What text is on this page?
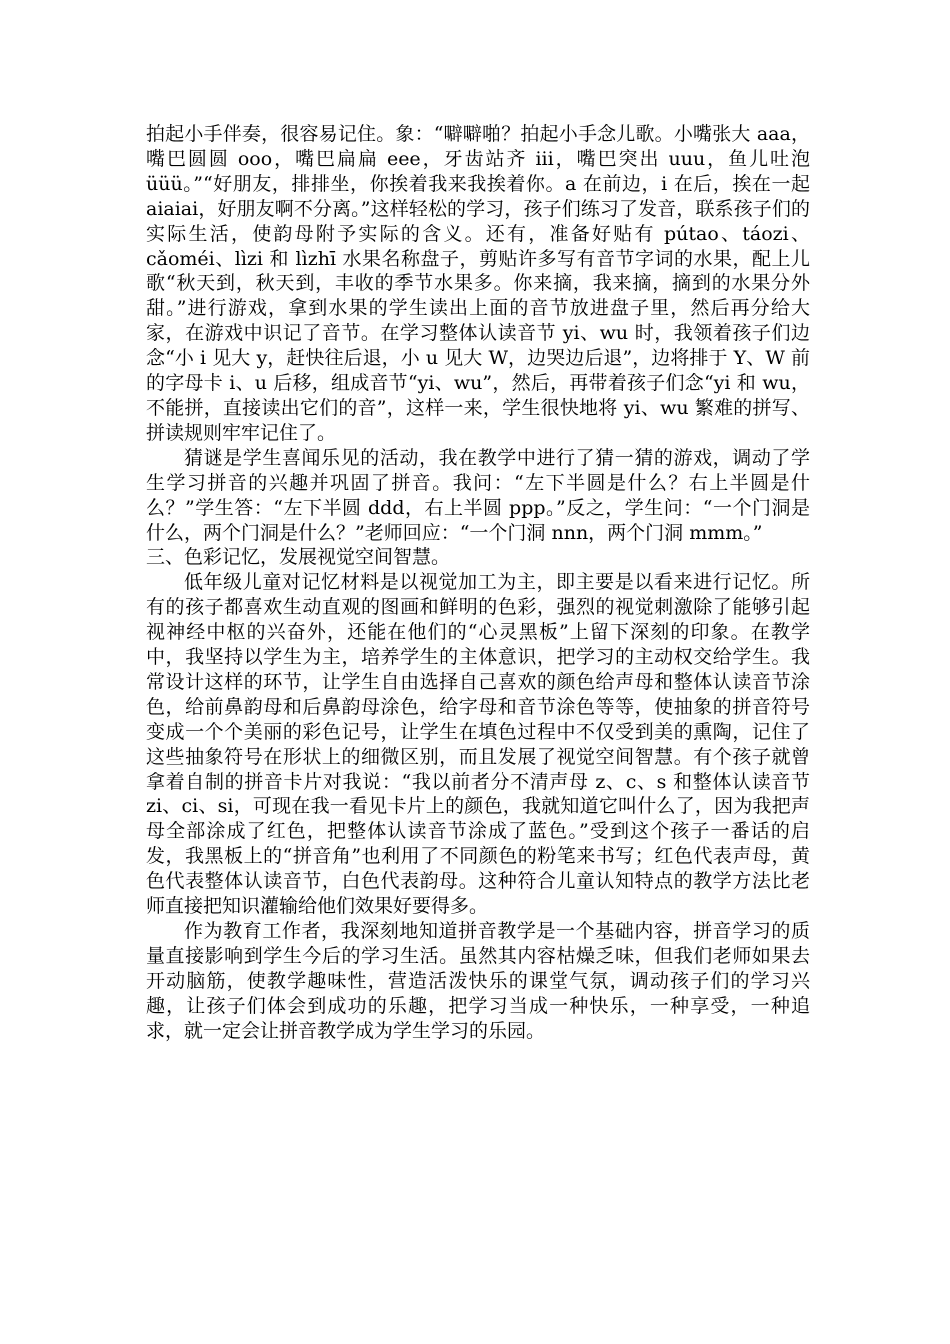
拍起小手伴奏，很容易记住。象：“噼噼啪？拍起小手念儿歌。小嘴张大 aaa，嘴巴圆圆 ooo，嘴巴扁扁 eee，牙齿站齐 iii，嘴巴突出 uuu，鱼儿吐泡 üüü。”“好朋友，排排坐，你挨着我来我挨着你。a 在前边，i 在后，挨在一起 aiaiai，好朋友啊不分离。”这样轻松的学习，孩子们练习了发音，联系孩子们的实际生活，使韵母附予实际的含义。还有，准备好贴有 pútao、táozi、cǎoméi、lìzi 和 lìzhī 水果名称盘子，剪贴许多写有音节字词的水果，配上儿歌“秋天到，秋天到，丰收的季节水果多。你来摘，我来摘，摘到的水果分外甜。”进行游戏，拿到水果的学生读出上面的音节放进盘子里，然后再分给大家，在游戏中识记了音节。在学习整体认读音节 yi、wu 时，我领着孩子们边念“小 i 见大 y，赶快往后退，小 u 见大 W，边哭边后退”，边将排于 Y、W 前的字母卡 i、u 后移，组成音节“yi、wu”，然后，再带着孩子们念“yi 和 wu，不能拼，直接读出它们的音”，这样一来，学生很快地将 yi、wu 繁难的拼写、拼读规则牢牢记住了。

猜谜是学生喜闻乐见的活动，我在教学中进行了猜一猜的游戏，调动了学生学习拼音的兴趣并巩固了拼音。我问：“左下半圆是什么？右上半圆是什么？”学生答：“左下半圆 ddd，右上半圆 ppp。”反之，学生问：“一个门洞是什么，两个门洞是什么？”老师回应：“一个门洞 nnn，两个门洞 mmm。”

三、色彩记忆，发展视觉空间智慧。

低年级儿童对记忆材料是以视觉加工为主，即主要是以看来进行记忆。所有的孩子都喜欢生动直观的图画和鲜明的色彩，强烈的视觉刺激除了能够引起视神经中枢的兴奋外，还能在他们的“心灵黑板”上留下深刻的印象。在教学中，我坚持以学生为主，培养学生的主体意识，把学习的主动权交给学生。我常设计这样的环节，让学生自由选择自己喜欢的颜色给声母和整体认读音节涂色，给前鼻韵母和后鼻韵母涂色，给字母和音节涂色等等，使抽象的拼音符号变成一个个美丽的彩色记号，让学生在填色过程中不仅受到美的熏陶，记住了这些抽象符号在形状上的细微区别，而且发展了视觉空间智慧。有个孩子就曾拿着自制的拼音卡片对我说：“我以前者分不清声母 z、c、s 和整体认读音节 zi、ci、si，可现在我一看见卡片上的颜色，我就知道它叫什么了，因为我把声母全部涂成了红色，把整体认读音节涂成了蓝色。”受到这个孩子一番话的启发，我黑板上的“拼音角”也利用了不同颜色的粉笔来书写；红色代表声母，黄色代表整体认读音节，白色代表韵母。这种符合儿童认知特点的教学方法比老师直接把知识灌输给他们效果好要得多。

作为教育工作者，我深刻地知道拼音教学是一个基础内容，拼音学习的质量直接影响到学生今后的学习生活。虽然其内容枯燥乏味，但我们老师如果去开动脑筋，使教学趣味性，营造活泼快乐的课堂气氛，调动孩子们的学习兴趣，让孩子们体会到成功的乐趣，把学习当成一种快乐，一种享受，一种追求，就一定会让拼音教学成为学生学习的乐园。
